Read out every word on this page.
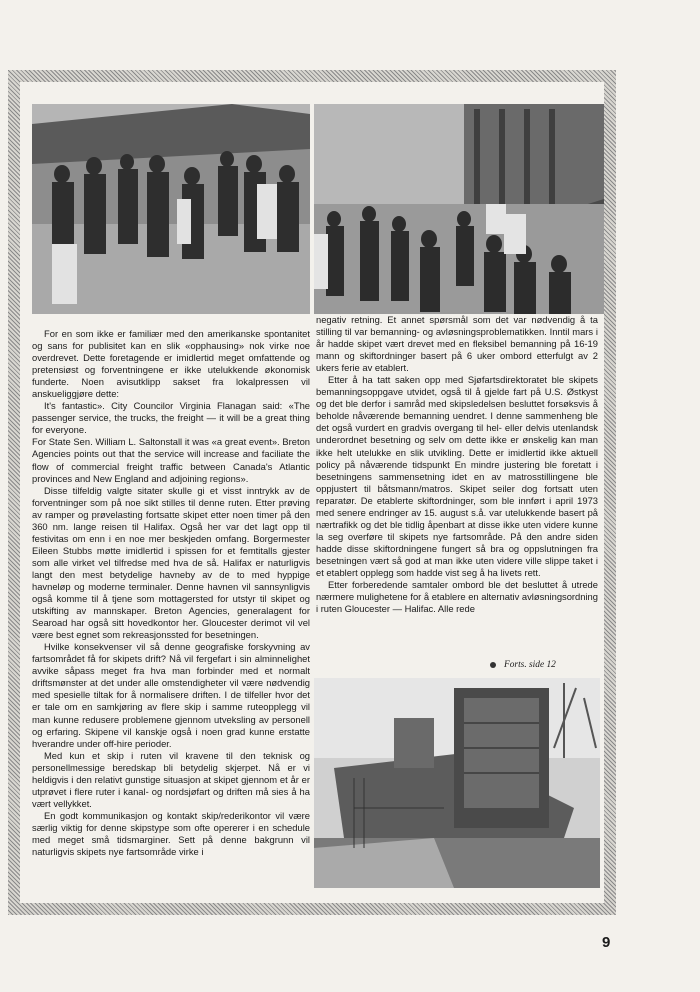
For en som ikke er familiær med den amerikanske spontanitet og sans for publisitet kan en slik «opphausing» nok virke noe overdrevet. Dette foretagende er imidlertid meget omfattende og pretensiøst og forventningene er ikke utelukkende økonomisk funderte. Noen avisutklipp sakset fra lokalpressen vil anskueliggjøre dette:

It's fantastic». City Councilor Virginia Flanagan said: «The passenger service, the trucks, the freight — it will be a great thing for everyone.

For State Sen. William L. Saltonstall it was «a great event». Breton Agencies points out that the service will increase and faciliate the flow of commercial freight traffic between Canada's Atlantic provinces and New England and adjoining regions».

Disse tilfeldig valgte sitater skulle gi et visst inntrykk av de forventninger som på noe sikt stilles til denne ruten. Etter prøving av ramper og prøvelasting fortsatte skipet etter noen timer på den 360 nm. lange reisen til Halifax. Også her var det lagt opp til festivitas om enn i en noe mer beskjeden omfang. Borgermester Eileen Stubbs møtte imidlertid i spissen for et femtitalls gjester som alle virket vel tilfredse med hva de så. Halifax er naturligvis langt den mest betydelige havneby av de to med hyppige havneløp og moderne terminaler. Denne havnen vil sannsynligvis også komme til å tjene som mottagersted for utstyr til skipet og utskifting av mannskaper. Breton Agencies, generalagent for Searoad har også sitt hovedkontor her. Gloucester derimot vil vel være best egnet som rekreasjonssted for besetningen.

Hvilke konsekvenser vil så denne geografiske forskyvning av fartsområdet få for skipets drift? Nå vil fergefart i sin alminnelighet avvike såpass meget fra hva man forbinder med et normalt driftsmønster at det under alle omstendigheter vil være nødvendig med spesielle tiltak for å normalisere driften. I de tilfeller hvor det er tale om en samkjøring av flere skip i samme ruteopplegg vil man kunne redusere problemene gjennom utveksling av personell og erfaring. Skipene vil kanskje også i noen grad kunne erstatte hverandre under off-hire perioder.

Med kun et skip i ruten vil kravene til den teknisk og personellmessige beredskap bli betydelig skjerpet. Nå er vi heldigvis i den relativt gunstige situasjon at skipet gjennom et år er utprøvet i flere ruter i kanal- og nordsjøfart og driften må sies å ha vært vellykket.

En godt kommunikasjon og kontakt skip/rederikontor vil være særlig viktig for denne skipstype som ofte opererer i en schedule med meget små tidsmarginer. Sett på denne bakgrunn vil naturligvis skipets nye fartsområde virke i

negativ retning. Et annet spørsmål som det var nødvendig å ta stilling til var bemanning- og avløsningsproblematikken. Inntil mars i år hadde skipet vært drevet med en fleksibel bemanning på 16-19 mann og skiftordninger basert på 6 uker ombord etterfulgt av 2 ukers ferie av etablert.

Etter å ha tatt saken opp med Sjøfartsdirektoratet ble skipets bemanningsoppgave utvidet, også til å gjelde fart på U.S. Østkyst og det ble derfor i samråd med skipsledelsen besluttet forsøksvis å beholde nåværende bemanning uendret. I denne sammenheng ble det også vurdert en gradvis overgang til hel- eller delvis utenlandsk underordnet besetning og selv om dette ikke er ønskelig kan man ikke helt utelukke en slik utvikling. Dette er imidlertid ikke aktuell policy på nåværende tidspunkt En mindre justering ble foretatt i besetningens sammensetning idet en av matrosstillingene ble oppjustert til båtsmann/matros. Skipet seiler dog fortsatt uten reparatør. De etablerte skiftordninger, som ble innført i april 1973 med senere endringer av 15. august s.å. var utelukkende basert på nærtrafikk og det ble tidlig åpenbart at disse ikke uten videre kunne la seg overføre til skipets nye fartsområde. På den andre siden hadde disse skiftordningene fungert så bra og oppslutningen fra besetningen vært så god at man ikke uten videre ville slippe taket i et etablert opplegg som hadde vist seg å ha livets rett.

Etter forberedende samtaler ombord ble det besluttet å utrede nærmere mulighetene for å etablere en alternativ avløsningsordning i ruten Gloucester — Halifac. Alle rede

Forts. side 12
9
